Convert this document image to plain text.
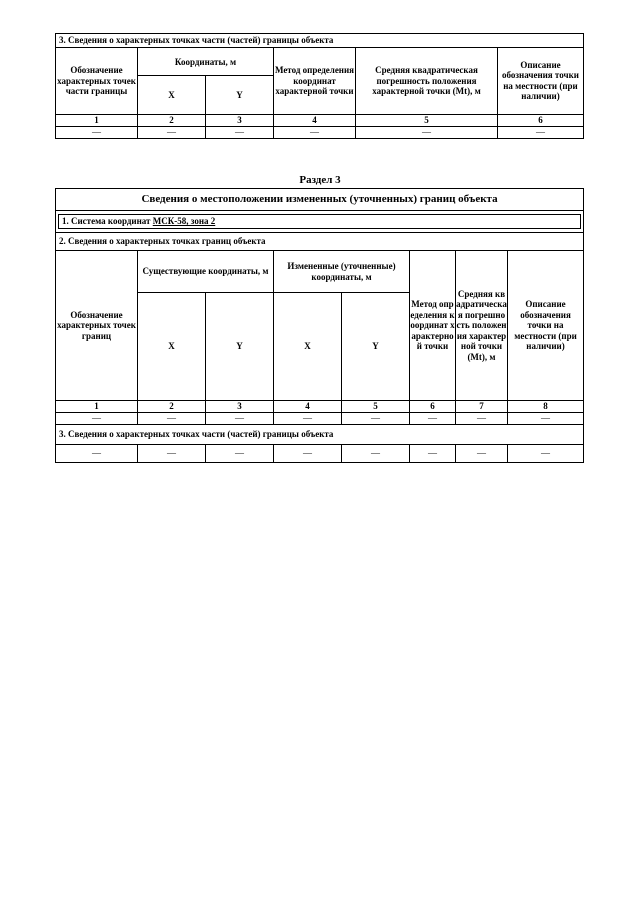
3. Сведения о характерных точках части (частей) границы объекта					
Обозначение характерных точек части границы	Координаты, м		Метод определения координат характерной точки	Средняя квадратическая погрешность положения характерной точки (Mt), м	Описание обозначения точки на местности (при наличии)
	X	Y			
1	2	3	4	5	6
—	—	—	—	—	—
Раздел 3
Сведения о местоположении измененных (уточненных) границ объекта							

1. Система координат МСК-58, зона 2							

2. Сведения о характерных точках границ объекта							
Обозначение характерных точек границ	Существующие координаты, м		Измененные (уточненные) координаты, м		Метод определения координат характерной точки	Средняя квадратическая погрешность положения характерной точки (Mt), м	Описание обозначения точки на местности (при наличии)
	X	Y	X	Y			
1	2	3	4	5	6	7	8
—	—	—	—	—	—	—	—
3. Сведения о характерных точках части (частей) границы объекта							
—	—	—	—	—	—	—	—
